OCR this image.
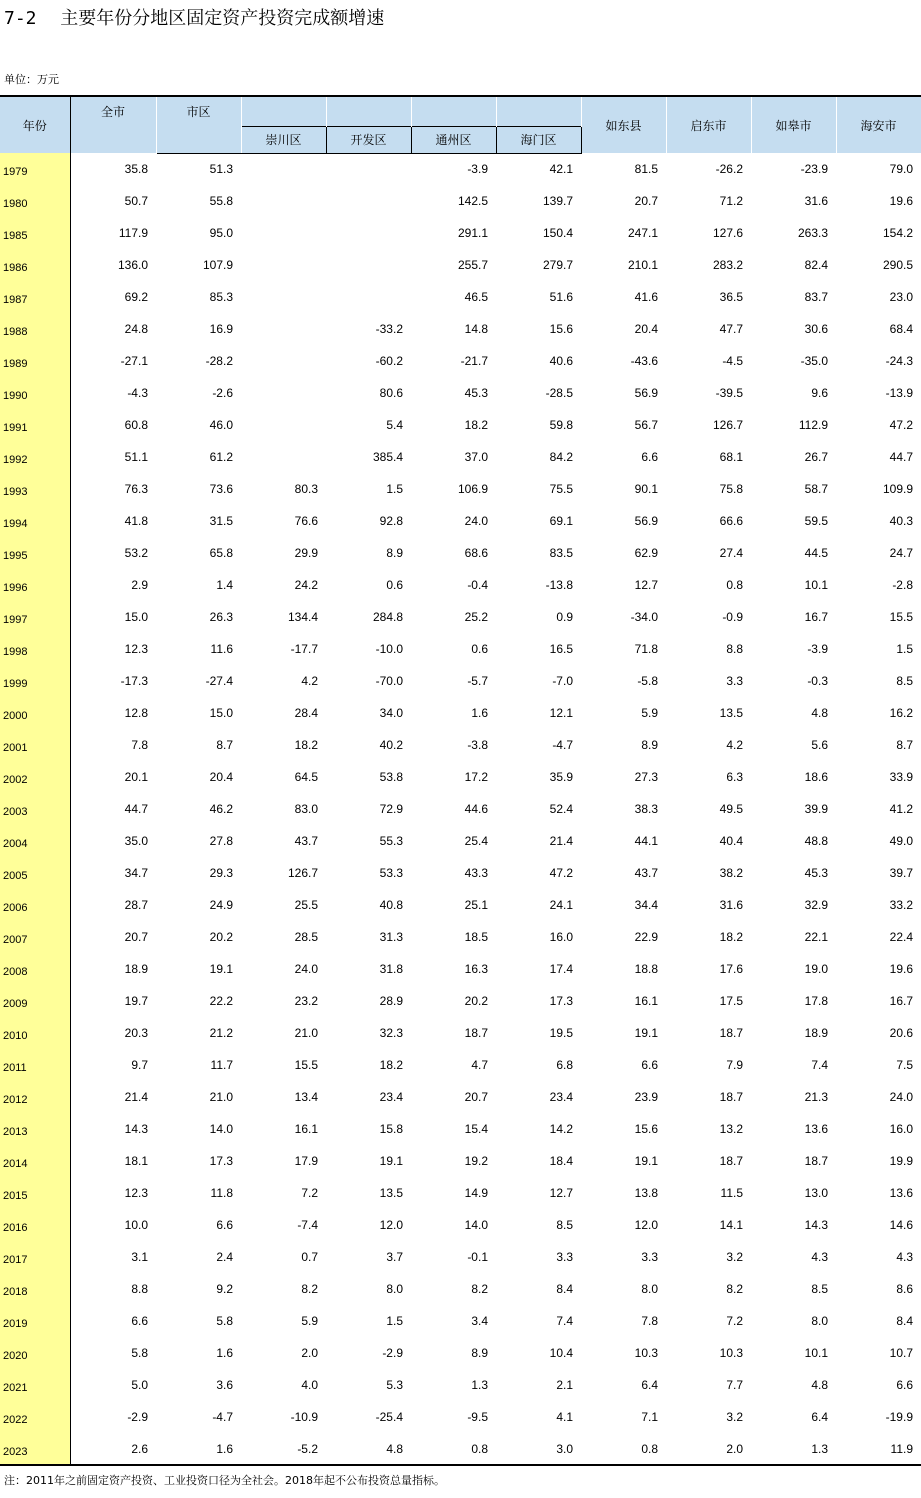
7-2 主要年份分地区固定资产投资完成额增速
单位：万元
年份	全市	市区					如东县	启东市	如皋市	海安市
			崇川区	开发区	通州区	海门区				
1979	35.8	51.3			-3.9	42.1	81.5	-26.2	-23.9	79.0
1980	50.7	55.8			142.5	139.7	20.7	71.2	31.6	19.6
1985	117.9	95.0			291.1	150.4	247.1	127.6	263.3	154.2
1986	136.0	107.9			255.7	279.7	210.1	283.2	82.4	290.5
1987	69.2	85.3			46.5	51.6	41.6	36.5	83.7	23.0
1988	24.8	16.9		-33.2	14.8	15.6	20.4	47.7	30.6	68.4
1989	-27.1	-28.2		-60.2	-21.7	40.6	-43.6	-4.5	-35.0	-24.3
1990	-4.3	-2.6		80.6	45.3	-28.5	56.9	-39.5	9.6	-13.9
1991	60.8	46.0		5.4	18.2	59.8	56.7	126.7	112.9	47.2
1992	51.1	61.2		385.4	37.0	84.2	6.6	68.1	26.7	44.7
1993	76.3	73.6	80.3	1.5	106.9	75.5	90.1	75.8	58.7	109.9
1994	41.8	31.5	76.6	92.8	24.0	69.1	56.9	66.6	59.5	40.3
1995	53.2	65.8	29.9	8.9	68.6	83.5	62.9	27.4	44.5	24.7
1996	2.9	1.4	24.2	0.6	-0.4	-13.8	12.7	0.8	10.1	-2.8
1997	15.0	26.3	134.4	284.8	25.2	0.9	-34.0	-0.9	16.7	15.5
1998	12.3	11.6	-17.7	-10.0	0.6	16.5	71.8	8.8	-3.9	1.5
1999	-17.3	-27.4	4.2	-70.0	-5.7	-7.0	-5.8	3.3	-0.3	8.5
2000	12.8	15.0	28.4	34.0	1.6	12.1	5.9	13.5	4.8	16.2
2001	7.8	8.7	18.2	40.2	-3.8	-4.7	8.9	4.2	5.6	8.7
2002	20.1	20.4	64.5	53.8	17.2	35.9	27.3	6.3	18.6	33.9
2003	44.7	46.2	83.0	72.9	44.6	52.4	38.3	49.5	39.9	41.2
2004	35.0	27.8	43.7	55.3	25.4	21.4	44.1	40.4	48.8	49.0
2005	34.7	29.3	126.7	53.3	43.3	47.2	43.7	38.2	45.3	39.7
2006	28.7	24.9	25.5	40.8	25.1	24.1	34.4	31.6	32.9	33.2
2007	20.7	20.2	28.5	31.3	18.5	16.0	22.9	18.2	22.1	22.4
2008	18.9	19.1	24.0	31.8	16.3	17.4	18.8	17.6	19.0	19.6
2009	19.7	22.2	23.2	28.9	20.2	17.3	16.1	17.5	17.8	16.7
2010	20.3	21.2	21.0	32.3	18.7	19.5	19.1	18.7	18.9	20.6
2011	9.7	11.7	15.5	18.2	4.7	6.8	6.6	7.9	7.4	7.5
2012	21.4	21.0	13.4	23.4	20.7	23.4	23.9	18.7	21.3	24.0
2013	14.3	14.0	16.1	15.8	15.4	14.2	15.6	13.2	13.6	16.0
2014	18.1	17.3	17.9	19.1	19.2	18.4	19.1	18.7	18.7	19.9
2015	12.3	11.8	7.2	13.5	14.9	12.7	13.8	11.5	13.0	13.6
2016	10.0	6.6	-7.4	12.0	14.0	8.5	12.0	14.1	14.3	14.6
2017	3.1	2.4	0.7	3.7	-0.1	3.3	3.3	3.2	4.3	4.3
2018	8.8	9.2	8.2	8.0	8.2	8.4	8.0	8.2	8.5	8.6
2019	6.6	5.8	5.9	1.5	3.4	7.4	7.8	7.2	8.0	8.4
2020	5.8	1.6	2.0	-2.9	8.9	10.4	10.3	10.3	10.1	10.7
2021	5.0	3.6	4.0	5.3	1.3	2.1	6.4	7.7	4.8	6.6
2022	-2.9	-4.7	-10.9	-25.4	-9.5	4.1	7.1	3.2	6.4	-19.9
2023	2.6	1.6	-5.2	4.8	0.8	3.0	0.8	2.0	1.3	11.9
注：2011年之前固定资产投资、工业投资口径为全社会。2018年起不公布投资总量指标。
